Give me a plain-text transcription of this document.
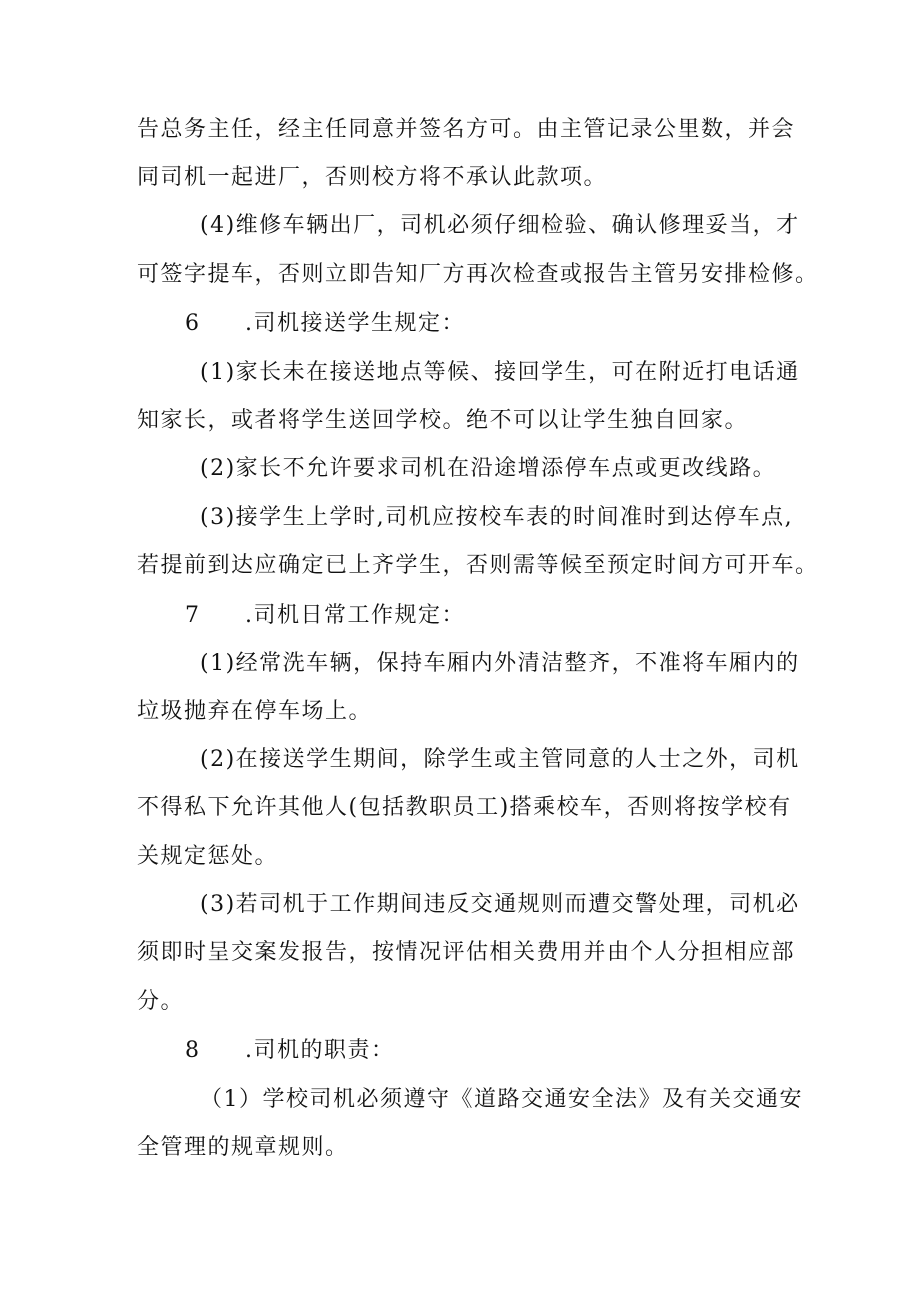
告总务主任，经主任同意并签名方可。由主管记录公里数，并会
同司机一起进厂，否则校方将不承认此款项。
(4)维修车辆出厂，司机必须仔细检验、确认修理妥当，才
可签字提车，否则立即告知厂方再次检查或报告主管另安排检修。
6 .司机接送学生规定：
(1)家长未在接送地点等候、接回学生，可在附近打电话通
知家长，或者将学生送回学校。绝不可以让学生独自回家。
(2)家长不允许要求司机在沿途增添停车点或更改线路。
(3)接学生上学时,司机应按校车表的时间准时到达停车点,
若提前到达应确定已上齐学生，否则需等候至预定时间方可开车。
7 .司机日常工作规定：
(1)经常洗车辆，保持车厢内外清洁整齐，不准将车厢内的
垃圾抛弃在停车场上。
(2)在接送学生期间，除学生或主管同意的人士之外，司机
不得私下允许其他人(包括教职员工)搭乘校车，否则将按学校有
关规定惩处。
(3)若司机于工作期间违反交通规则而遭交警处理，司机必
须即时呈交案发报告，按情况评估相关费用并由个人分担相应部
分。
8 .司机的职责：
（1）学校司机必须遵守《道路交通安全法》及有关交通安
全管理的规章规则。
